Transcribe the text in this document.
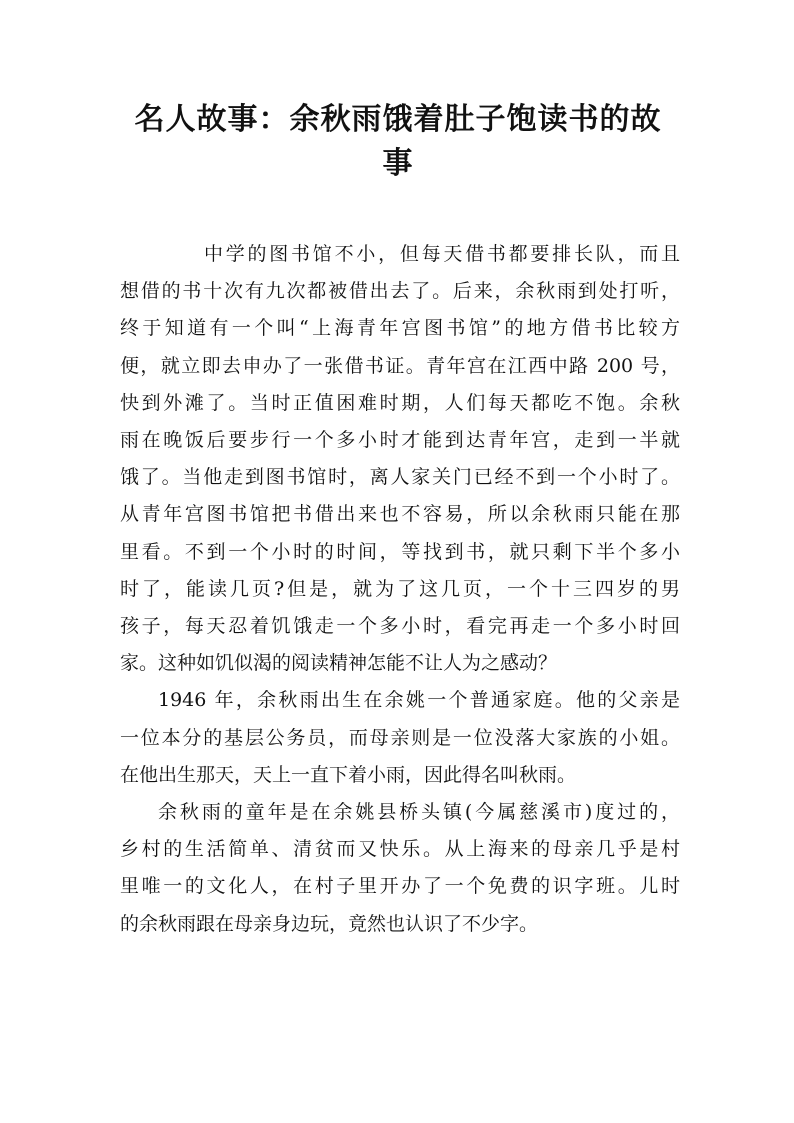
名人故事：余秋雨饿着肚子饱读书的故
事

中学的图书馆不小，但每天借书都要排长队，而且
想借的书十次有九次都被借出去了。后来，余秋雨到处打听，
终于知道有一个叫“上海青年宫图书馆”的地方借书比较方
便，就立即去申办了一张借书证。青年宫在江西中路 200 号，
快到外滩了。当时正值困难时期，人们每天都吃不饱。余秋
雨在晚饭后要步行一个多小时才能到达青年宫，走到一半就
饿了。当他走到图书馆时，离人家关门已经不到一个小时了。
从青年宫图书馆把书借出来也不容易，所以余秋雨只能在那
里看。不到一个小时的时间，等找到书，就只剩下半个多小
时了，能读几页?但是，就为了这几页，一个十三四岁的男
孩子，每天忍着饥饿走一个多小时，看完再走一个多小时回
家。这种如饥似渴的阅读精神怎能不让人为之感动？

1946 年，余秋雨出生在余姚一个普通家庭。他的父亲是
一位本分的基层公务员，而母亲则是一位没落大家族的小姐。
在他出生那天，天上一直下着小雨，因此得名叫秋雨。

余秋雨的童年是在余姚县桥头镇(今属慈溪市)度过的，
乡村的生活简单、清贫而又快乐。从上海来的母亲几乎是村
里唯一的文化人，在村子里开办了一个免费的识字班。儿时
的余秋雨跟在母亲身边玩，竟然也认识了不少字。
